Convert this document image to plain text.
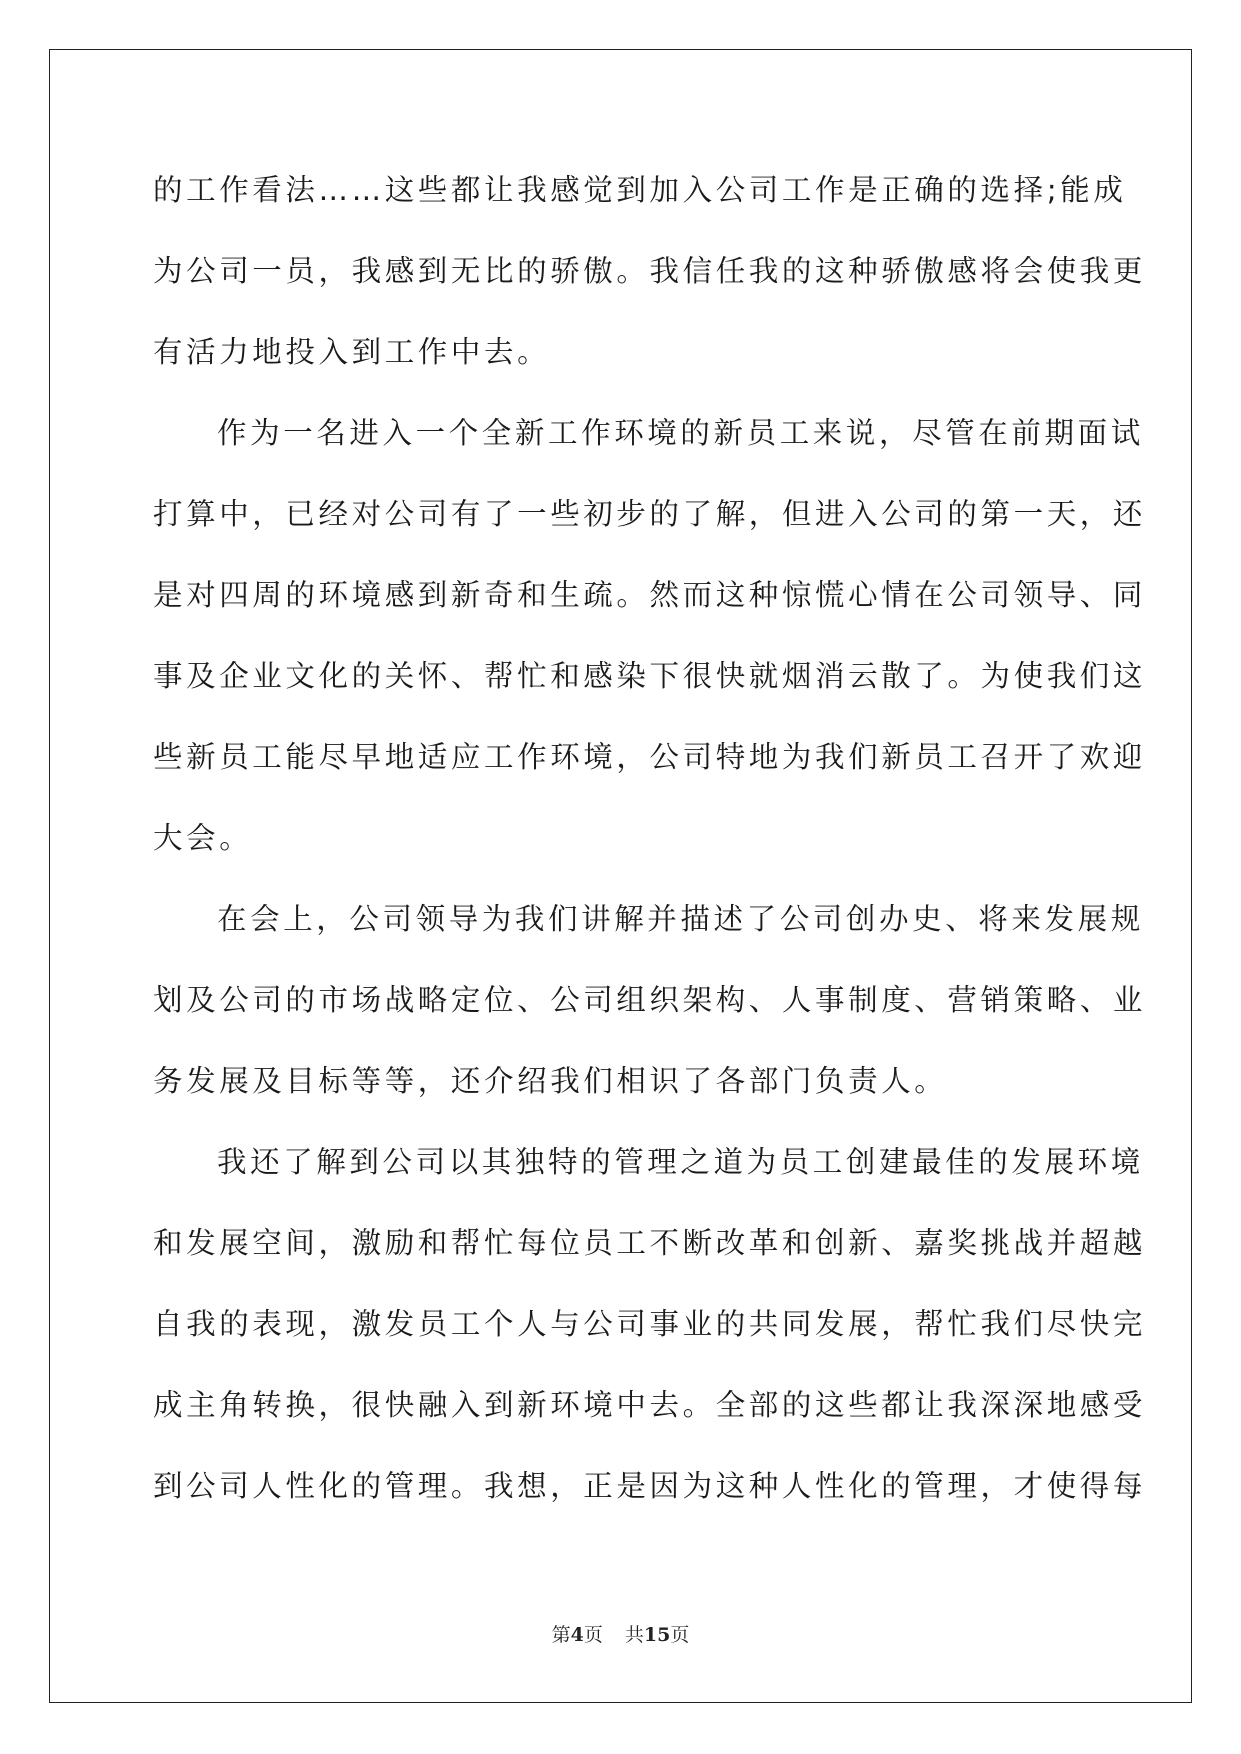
的工作看法……这些都让我感觉到加入公司工作是正确的选择;能成
为公司一员，我感到无比的骄傲。我信任我的这种骄傲感将会使我更
有活力地投入到工作中去。
作为一名进入一个全新工作环境的新员工来说，尽管在前期面试
打算中，已经对公司有了一些初步的了解，但进入公司的第一天，还
是对四周的环境感到新奇和生疏。然而这种惊慌心情在公司领导、同
事及企业文化的关怀、帮忙和感染下很快就烟消云散了。为使我们这
些新员工能尽早地适应工作环境，公司特地为我们新员工召开了欢迎
大会。
在会上，公司领导为我们讲解并描述了公司创办史、将来发展规
划及公司的市场战略定位、公司组织架构、人事制度、营销策略、业
务发展及目标等等，还介绍我们相识了各部门负责人。
我还了解到公司以其独特的管理之道为员工创建最佳的发展环境
和发展空间，激励和帮忙每位员工不断改革和创新、嘉奖挑战并超越
自我的表现，激发员工个人与公司事业的共同发展，帮忙我们尽快完
成主角转换，很快融入到新环境中去。全部的这些都让我深深地感受
到公司人性化的管理。我想，正是因为这种人性化的管理，才使得每
第4页 共15页
